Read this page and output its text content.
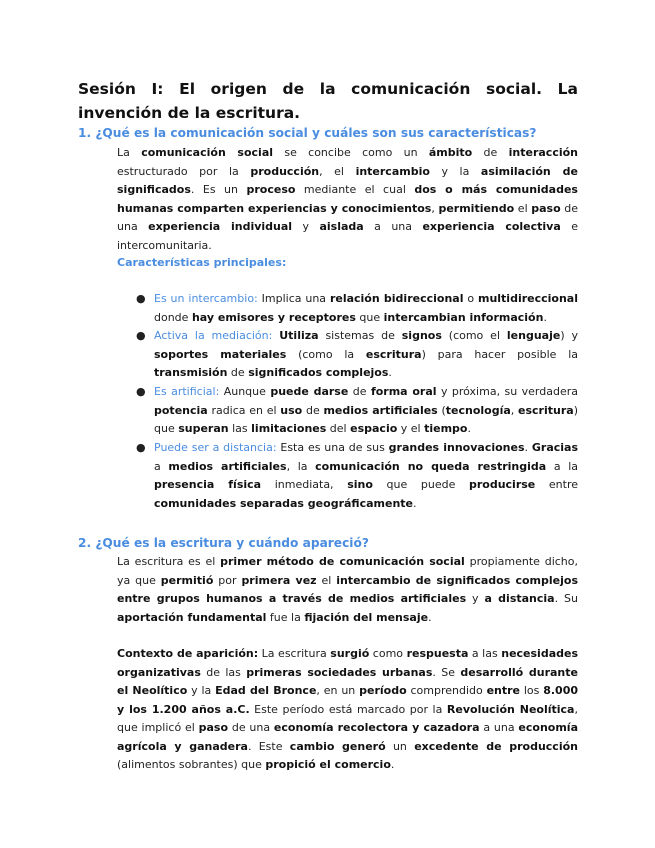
Sesión I: El origen de la comunicación social. La invención de la escritura.
1. ¿Qué es la comunicación social y cuáles son sus características?

La comunicación social se concibe como un ámbito de interacción estructurado por la producción, el intercambio y la asimilación de significados. Es un proceso mediante el cual dos o más comunidades humanas comparten experiencias y conocimientos, permitiendo el paso de una experiencia individual y aislada a una experiencia colectiva e intercomunitaria.

Características principales:

● Es un intercambio: Implica una relación bidireccional o multidireccional donde hay emisores y receptores que intercambian información.

● Activa la mediación: Utiliza sistemas de signos (como el lenguaje) y soportes materiales (como la escritura) para hacer posible la transmisión de significados complejos.

● Es artificial: Aunque puede darse de forma oral y próxima, su verdadera potencia radica en el uso de medios artificiales (tecnología, escritura) que superan las limitaciones del espacio y el tiempo.

● Puede ser a distancia: Esta es una de sus grandes innovaciones. Gracias a medios artificiales, la comunicación no queda restringida a la presencia física inmediata, sino que puede producirse entre comunidades separadas geográficamente.

2. ¿Qué es la escritura y cuándo apareció?

La escritura es el primer método de comunicación social propiamente dicho, ya que permitió por primera vez el intercambio de significados complejos entre grupos humanos a través de medios artificiales y a distancia. Su aportación fundamental fue la fijación del mensaje.

Contexto de aparición: La escritura surgió como respuesta a las necesidades organizativas de las primeras sociedades urbanas. Se desarrolló durante el Neolítico y la Edad del Bronce, en un período comprendido entre los 8.000 y los 1.200 años a.C. Este período está marcado por la Revolución Neolítica, que implicó el paso de una economía recolectora y cazadora a una economía agrícola y ganadera. Este cambio generó un excedente de producción (alimentos sobrantes) que propició el comercio.
